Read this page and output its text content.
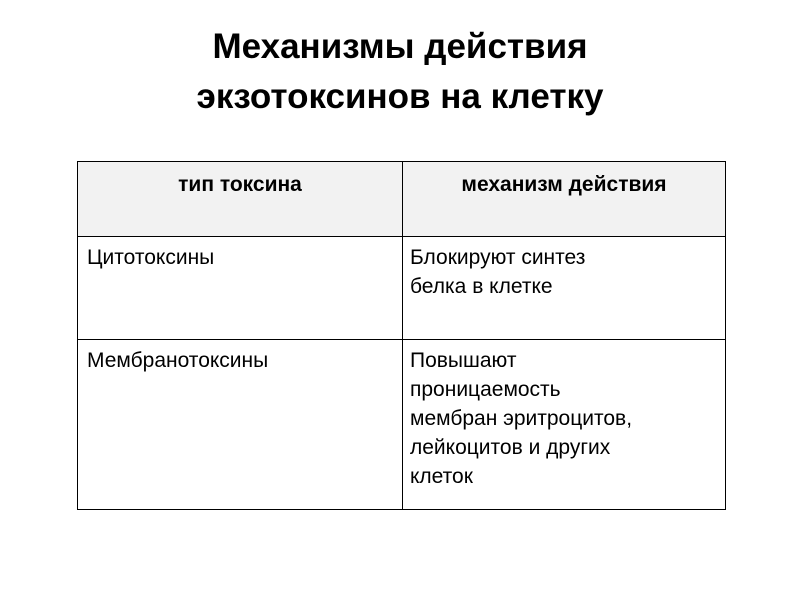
Механизмы действия
экзотоксинов на клетку
тип токсина	механизм действия
Цитотоксины	Блокируют синтез
белка в клетке
Мембранотоксины	Повышают
проницаемость
мембран эритроцитов,
лейкоцитов и других
клеток
